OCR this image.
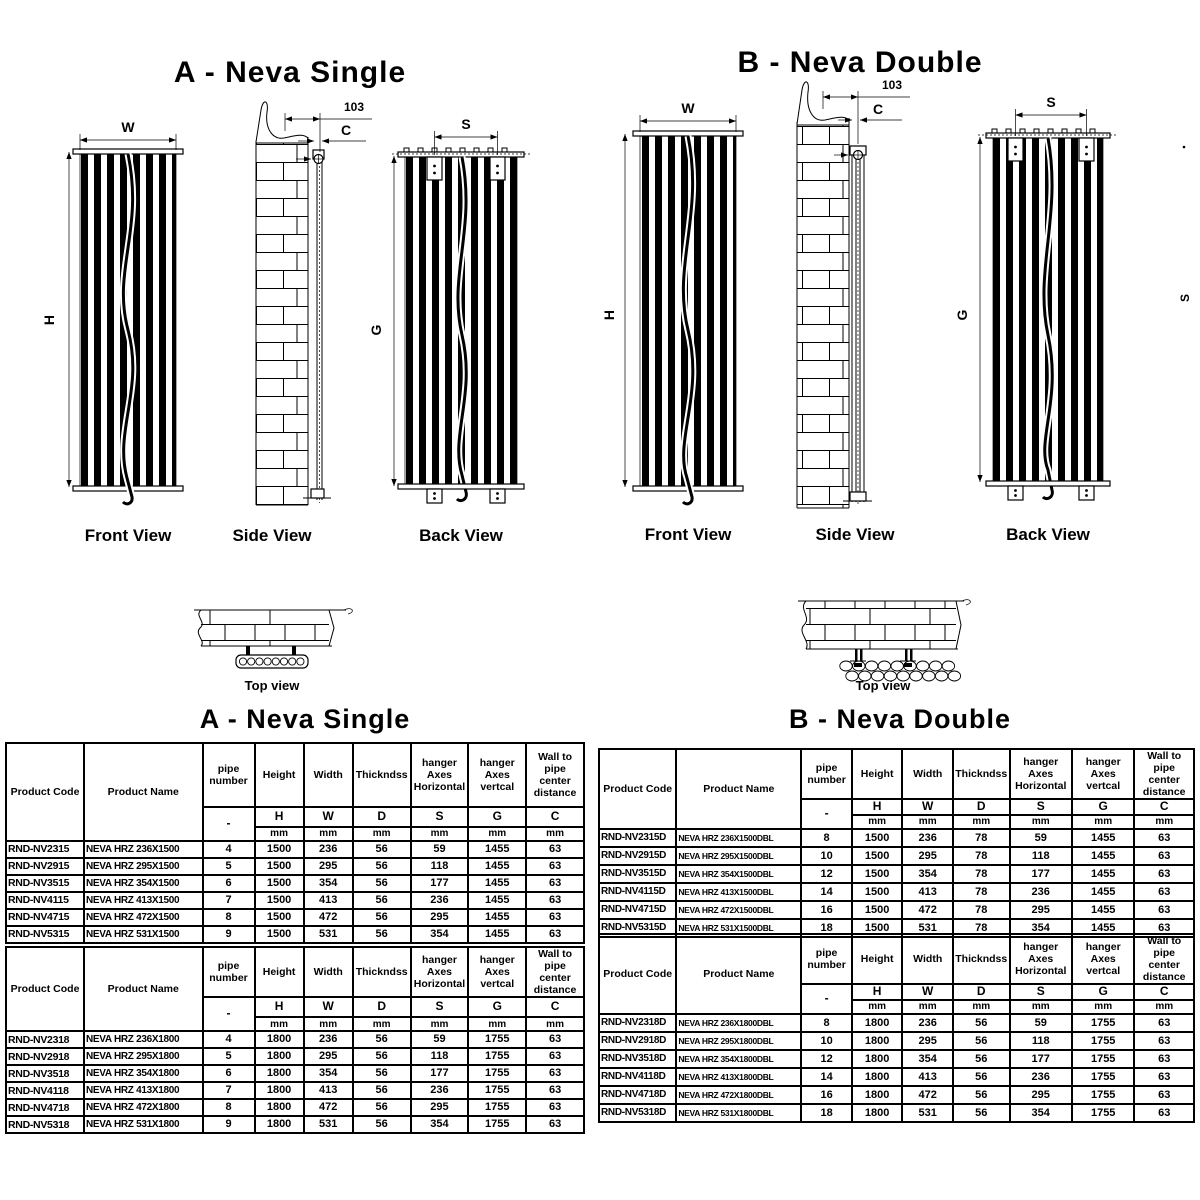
A - Neva Single	B - Neva Double
W
H
103
C	S
G
Front View	Side View	Back View
Top view
W
H
103
C	S
G
Front View	Side View	Back View
Top view
S
A - Neva Single	B - Neva Double
Product Code	Product Name	pipe number	Height	Width	Thickndss	hanger Axes Horizontal	hanger Axes vertcal	Wall to pipe center distance
		-	H	W	D	S	G	C
			mm	mm	mm	mm	mm	mm
RND-NV2315	NEVA HRZ 236X1500	4	1500	236	56	59	1455	63
RND-NV2915	NEVA HRZ 295X1500	5	1500	295	56	118	1455	63
RND-NV3515	NEVA HRZ 354X1500	6	1500	354	56	177	1455	63
RND-NV4115	NEVA HRZ 413X1500	7	1500	413	56	236	1455	63
RND-NV4715	NEVA HRZ 472X1500	8	1500	472	56	295	1455	63
RND-NV5315	NEVA HRZ 531X1500	9	1500	531	56	354	1455	63
Product Code	Product Name	pipe number	Height	Width	Thickndss	hanger Axes Horizontal	hanger Axes vertcal	Wall to pipe center distance
		-	H	W	D	S	G	C
			mm	mm	mm	mm	mm	mm
RND-NV2318	NEVA HRZ 236X1800	4	1800	236	56	59	1755	63
RND-NV2918	NEVA HRZ 295X1800	5	1800	295	56	118	1755	63
RND-NV3518	NEVA HRZ 354X1800	6	1800	354	56	177	1755	63
RND-NV4118	NEVA HRZ 413X1800	7	1800	413	56	236	1755	63
RND-NV4718	NEVA HRZ 472X1800	8	1800	472	56	295	1755	63
RND-NV5318	NEVA HRZ 531X1800	9	1800	531	56	354	1755	63
Product Code	Product Name	pipe number	Height	Width	Thickndss	hanger Axes Horizontal	hanger Axes vertcal	Wall to pipe center distance
		-	H	W	D	S	G	C
			mm	mm	mm	mm	mm	mm
RND-NV2315D	NEVA HRZ 236X1500DBL	8	1500	236	78	59	1455	63
RND-NV2915D	NEVA HRZ 295X1500DBL	10	1500	295	78	118	1455	63
RND-NV3515D	NEVA HRZ 354X1500DBL	12	1500	354	78	177	1455	63
RND-NV4115D	NEVA HRZ 413X1500DBL	14	1500	413	78	236	1455	63
RND-NV4715D	NEVA HRZ 472X1500DBL	16	1500	472	78	295	1455	63
RND-NV5315D	NEVA HRZ 531X1500DBL	18	1500	531	78	354	1455	63
Product Code	Product Name	pipe number	Height	Width	Thickndss	hanger Axes Horizontal	hanger Axes vertcal	Wall to pipe center distance
		-	H	W	D	S	G	C
			mm	mm	mm	mm	mm	mm
RND-NV2318D	NEVA HRZ 236X1800DBL	8	1800	236	56	59	1755	63
RND-NV2918D	NEVA HRZ 295X1800DBL	10	1800	295	56	118	1755	63
RND-NV3518D	NEVA HRZ 354X1800DBL	12	1800	354	56	177	1755	63
RND-NV4118D	NEVA HRZ 413X1800DBL	14	1800	413	56	236	1755	63
RND-NV4718D	NEVA HRZ 472X1800DBL	16	1800	472	56	295	1755	63
RND-NV5318D	NEVA HRZ 531X1800DBL	18	1800	531	56	354	1755	63
